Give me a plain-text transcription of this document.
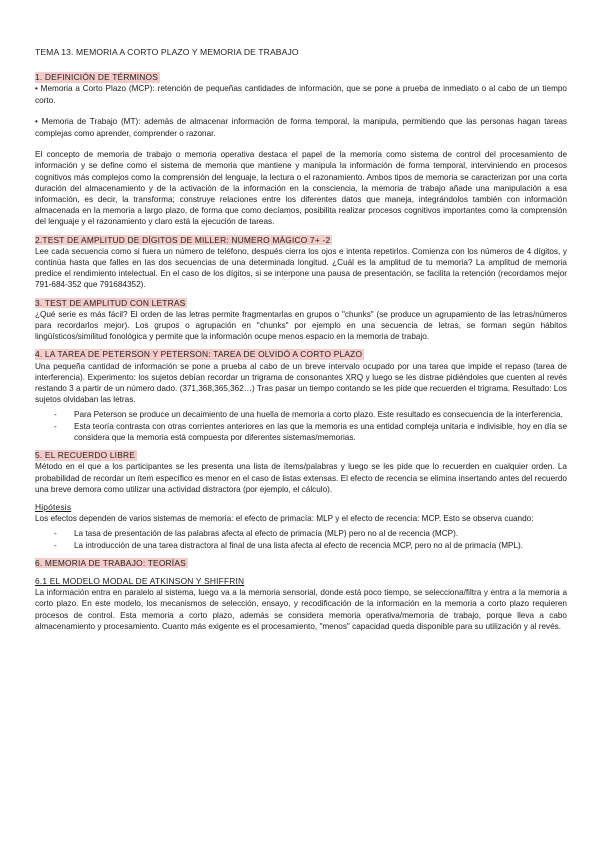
TEMA 13. MEMORIA A CORTO PLAZO Y MEMORIA DE TRABAJO
1. DEFINICIÓN DE TÉRMINOS

• Memoria a Corto Plazo (MCP): retención de pequeñas cantidades de información, que se pone a prueba de inmediato o al cabo de un tiempo corto.

• Memoria de Trabajo (MT): además de almacenar información de forma temporal, la manipula, permitiendo que las personas hagan tareas complejas como aprender, comprender o razonar.

El concepto de memoria de trabajo o memoria operativa destaca el papel de la memoria como sistema de control del procesamiento de información y se define como el sistema de memoria que mantiene y manipula la información de forma temporal, interviniendo en procesos cognitivos más complejos como la comprensión del lenguaje, la lectura o el razonamiento. Ambos tipos de memoria se caracterizan por una corta duración del almacenamiento y de la activación de la información en la consciencia, la memoria de trabajo añade una manipulación a esa información, es decir, la transforma; construye relaciones entre los diferentes datos que maneja, integrándolos también con información almacenada en la memoria a largo plazo, de forma que como decíamos, posibilita realizar procesos cognitivos importantes como la comprensión del lenguaje y el razonamiento y claro está la ejecución de tareas.

2.TEST DE AMPLITUD DE DÍGITOS DE MILLER: NUMERO MÁGICO 7+ -2

Lee cada secuencia como si fuera un número de teléfono, después cierra los ojos e intenta repetirlos. Comienza con los números de 4 dígitos, y continúa hasta que falles en las dos secuencias de una determinada longitud. ¿Cuál es la amplitud de tu memoria? La amplitud de memoria predice el rendimiento intelectual. En el caso de los dígitos, si se interpone una pausa de presentación, se facilita la retención (recordamos mejor 791-684-352 que 791684352).

3. TEST DE AMPLITUD CON LETRAS

¿Qué serie es más fácil? El orden de las letras permite fragmentarlas en grupos o "chunks" (se produce un agrupamiento de las letras/números para recordarlos mejor). Los grupos o agrupación en "chunks" por ejemplo en una secuencia de letras, se forman según hábitos lingüísticos/similitud fonológica y permite que la información ocupe menos espacio en la memoria de trabajo.

4. LA TAREA DE PETERSON Y PETERSON: TAREA DE OLVIDÓ A CORTO PLAZO

Una pequeña cantidad de información se pone a prueba al cabo de un breve intervalo ocupado por una tarea que impide el repaso (tarea de interferencia). Experimento: los sujetos debían recordar un trigrama de consonantes XRQ y luego se les distrae pidiéndoles que cuenten al revés restando 3 a partir de un número dado. (371,368,365,362…) Tras pasar un tiempo contando se les pide que recuerden el trigrama. Resultado: Los sujetos olvidaban las letras.

- Para Peterson se produce un decaimiento de una huella de memoria a corto plazo. Este resultado es consecuencia de la interferencia.
- Esta teoría contrasta con otras corrientes anteriores en las que la memoria es una entidad compleja unitaria e indivisible, hoy en día se considera que la memoria está compuesta por diferentes sistemas/memorias.
5. EL RECUERDO LIBRE

Método en el que a los participantes se les presenta una lista de ítems/palabras y luego se les pide que lo recuerden en cualquier orden. La probabilidad de recordar un ítem específico es menor en el caso de listas extensas. El efecto de recencia se elimina insertando antes del recuerdo una breve demora como utilizar una actividad distractora (por ejemplo, el cálculo).

Hipótesis

Los efectos dependen de varios sistemas de memoria: el efecto de primacía: MLP y el efecto de recencia: MCP. Esto se observa cuando:

- La tasa de presentación de las palabras afecta al efecto de primacía (MLP) pero no al de recencia (MCP).
- La introducción de una tarea distractora al final de una lista afecta al efecto de recencia MCP, pero no al de primacía (MPL).
6. MEMORIA DE TRABAJO: TEORÍAS
6.1 EL MODELO MODAL DE ATKINSON Y SHIFFRIN

La información entra en paralelo al sistema, luego va a la memoria sensorial, donde está poco tiempo, se selecciona/filtra y entra a la memoria a corto plazo. En este modelo, los mecanismos de selección, ensayo, y recodificación de la información en la memoria a corto plazo requieren procesos de control. Esta memoria a corto plazo, además se considera memoria operativa/memoria de trabajo, porque lleva a cabo almacenamiento y procesamiento. Cuanto más exigente es el procesamiento, "menos" capacidad queda disponible para su utilización y al revés.
